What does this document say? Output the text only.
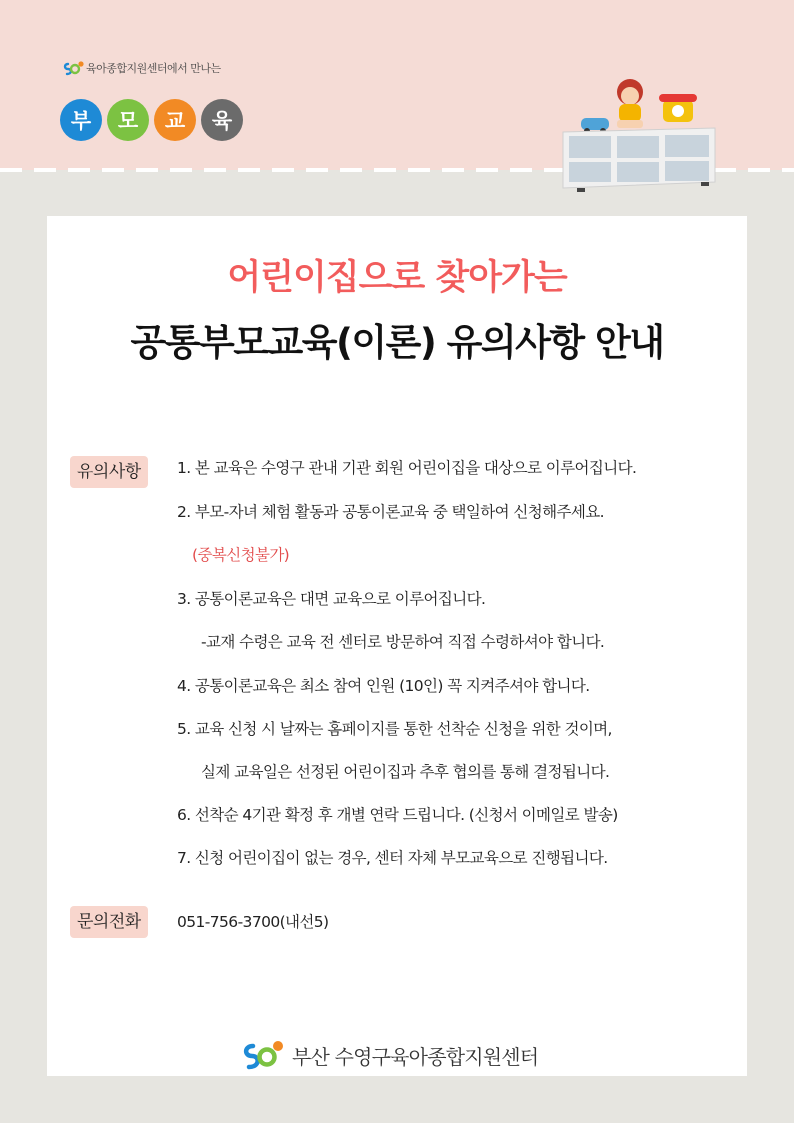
육아종합지원센터에서 만나는
부 모 교 육
어린이집으로 찾아가는
공통부모교육(이론) 유의사항 안내
유의사항	1. 본 교육은 수영구 관내 기관 회원 어린이집을 대상으로 이루어집니다.
2. 부모-자녀 체험 활동과 공통이론교육 중 택일하여 신청해주세요.
(중복신청불가)
3. 공통이론교육은 대면 교육으로 이루어집니다.
-교재 수령은 교육 전 센터로 방문하여 직접 수령하셔야 합니다.
4. 공통이론교육은 최소 참여 인원 (10인) 꼭 지켜주셔야 합니다.
5. 교육 신청 시 날짜는 홈페이지를 통한 선착순 신청을 위한 것이며,
실제 교육일은 선정된 어린이집과 추후 협의를 통해 결정됩니다.
6. 선착순 4기관 확정 후 개별 연락 드립니다. (신청서 이메일로 발송)
7. 신청 어린이집이 없는 경우, 센터 자체 부모교육으로 진행됩니다.
문의전화	051-756-3700(내선5)
부산 수영구육아종합지원센터
